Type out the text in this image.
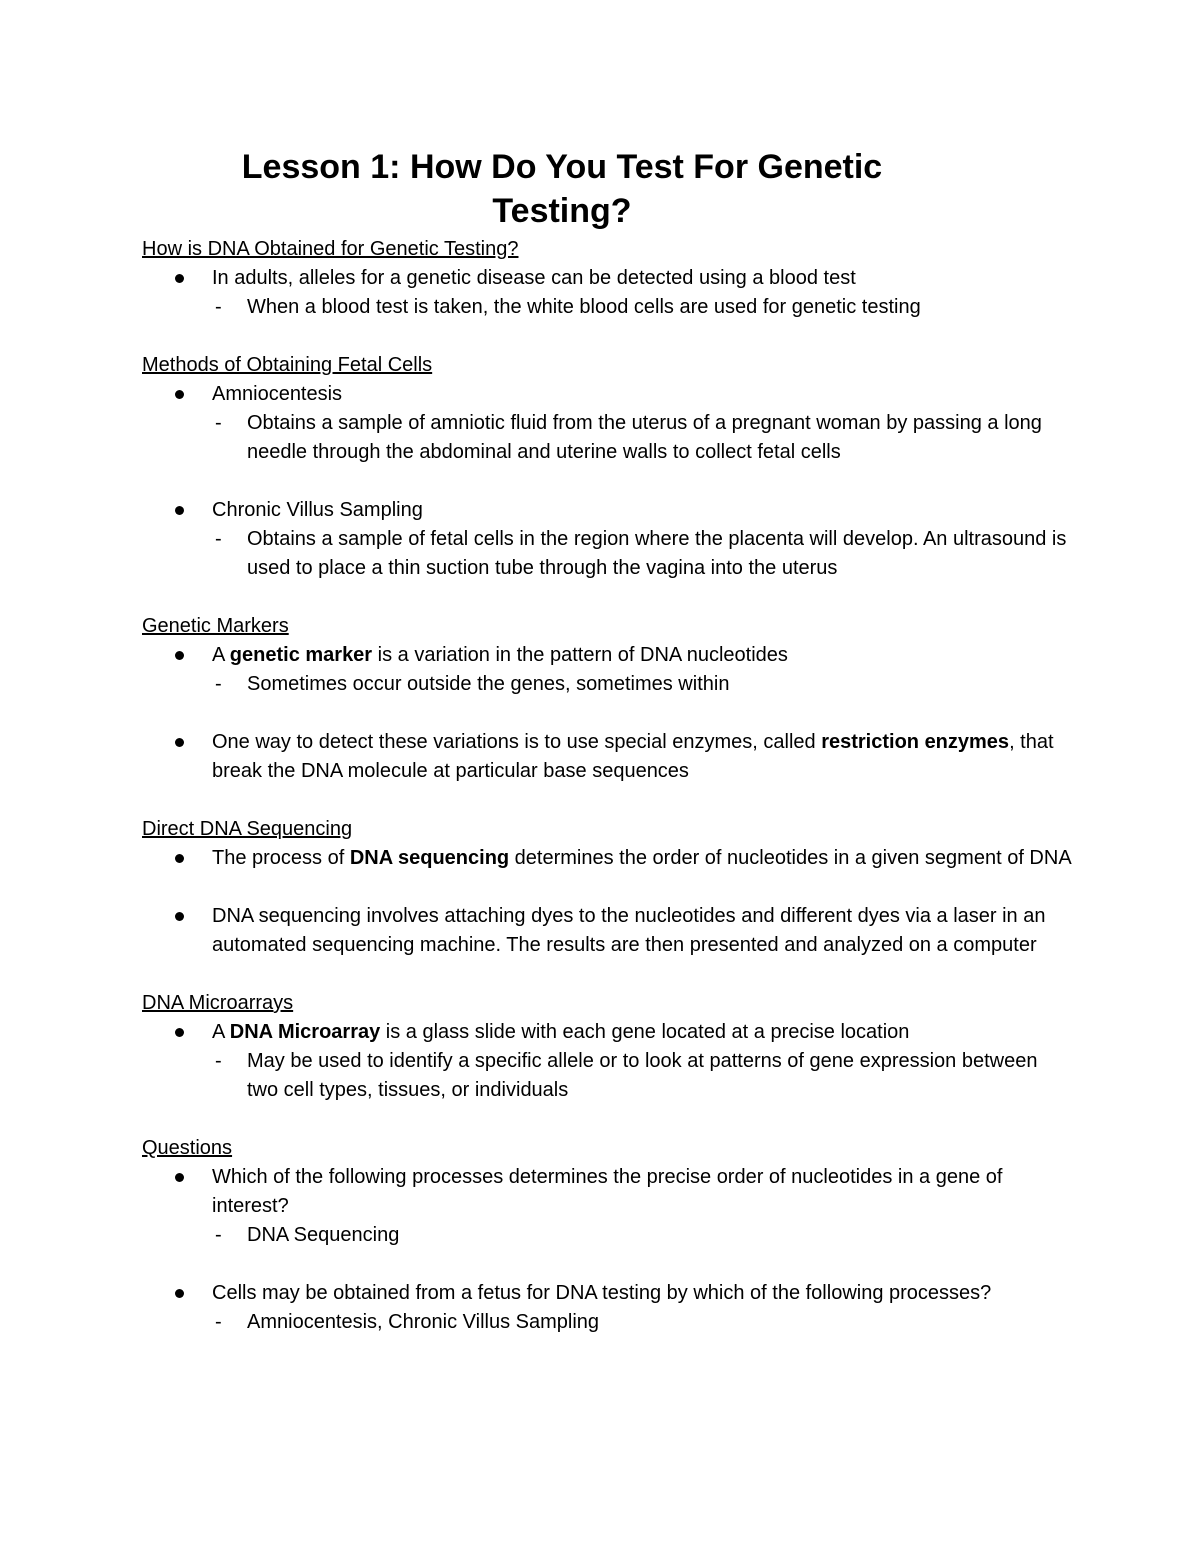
Lesson 1: How Do You Test For Genetic Testing?
How is DNA Obtained for Genetic Testing?
In adults, alleles for a genetic disease can be detected using a blood test
- When a blood test is taken, the white blood cells are used for genetic testing
Methods of Obtaining Fetal Cells
Amniocentesis
- Obtains a sample of amniotic fluid from the uterus of a pregnant woman by passing a long needle through the abdominal and uterine walls to collect fetal cells
Chronic Villus Sampling
- Obtains a sample of fetal cells in the region where the placenta will develop. An ultrasound is used to place a thin suction tube through the vagina into the uterus
Genetic Markers
A genetic marker is a variation in the pattern of DNA nucleotides
- Sometimes occur outside the genes, sometimes within
One way to detect these variations is to use special enzymes, called restriction enzymes, that break the DNA molecule at particular base sequences
Direct DNA Sequencing
The process of DNA sequencing determines the order of nucleotides in a given segment of DNA
DNA sequencing involves attaching dyes to the nucleotides and different dyes via a laser in an automated sequencing machine. The results are then presented and analyzed on a computer
DNA Microarrays
A DNA Microarray is a glass slide with each gene located at a precise location
- May be used to identify a specific allele or to look at patterns of gene expression between two cell types, tissues, or individuals
Questions
Which of the following processes determines the precise order of nucleotides in a gene of interest?
- DNA Sequencing
Cells may be obtained from a fetus for DNA testing by which of the following processes?
- Amniocentesis, Chronic Villus Sampling
